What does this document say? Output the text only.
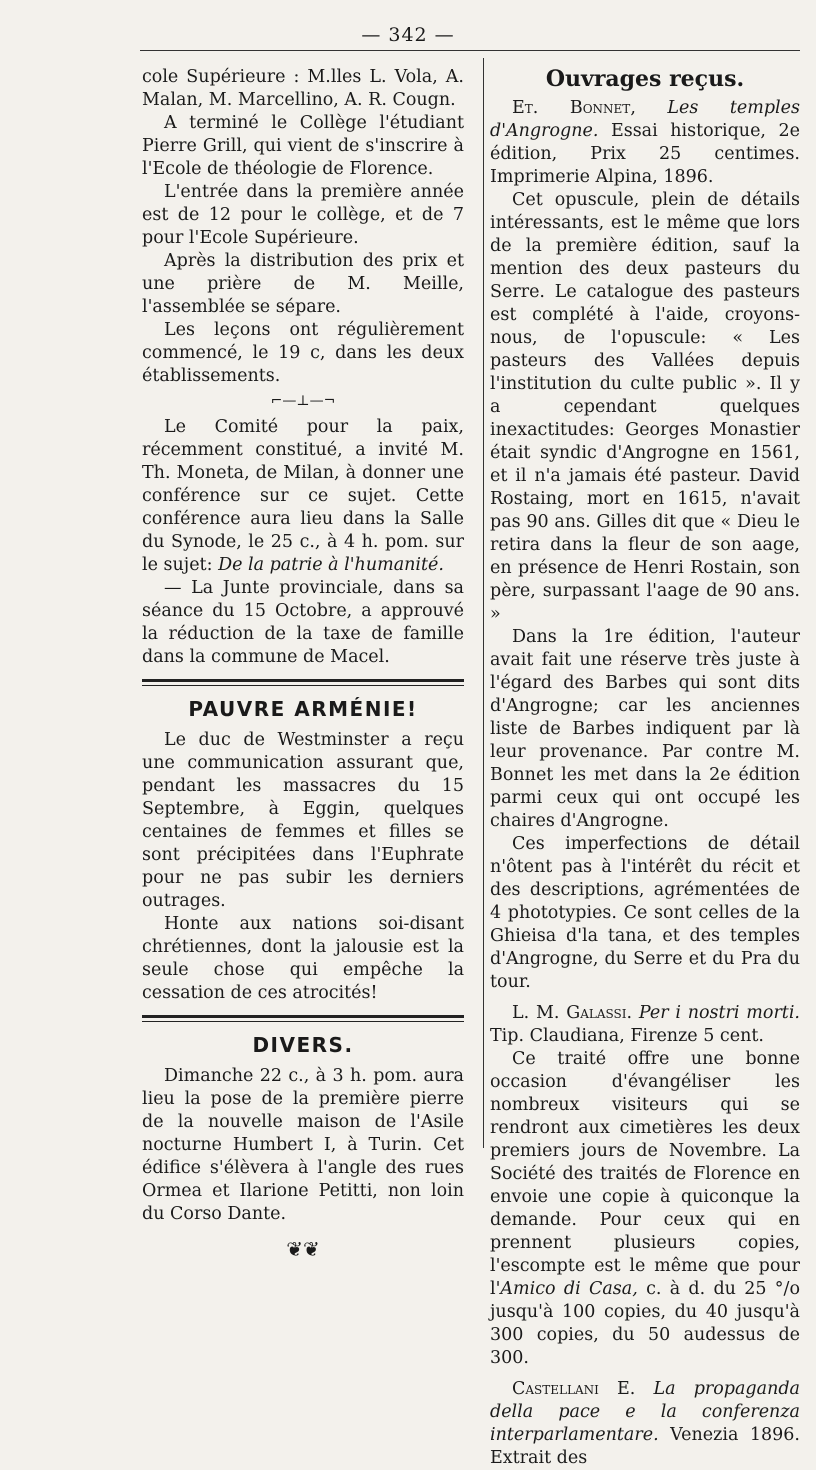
— 342 —

cole Supérieure : M.lles L. Vola, A. Malan, M. Marcellino, A. R. Cougn.

A terminé le Collège l'étudiant Pierre Grill, qui vient de s'inscrire à l'Ecole de théologie de Florence.

L'entrée dans la première année est de 12 pour le collège, et de 7 pour l'Ecole Supérieure.

Après la distribution des prix et une prière de M. Meille, l'assemblée se sépare.

Les leçons ont régulièrement commencé, le 19 c, dans les deux établissements.

⌐—⊥—¬

Le Comité pour la paix, récemment constitué, a invité M. Th. Moneta, de Milan, à donner une conférence sur ce sujet. Cette conférence aura lieu dans la Salle du Synode, le 25 c., à 4 h. pom. sur le sujet: De la patrie à l'humanité.

— La Junte provinciale, dans sa séance du 15 Octobre, a approuvé la réduction de la taxe de famille dans la commune de Macel.

PAUVRE ARMÉNIE!

Le duc de Westminster a reçu une communication assurant que, pendant les massacres du 15 Septembre, à Eggin, quelques centaines de femmes et filles se sont précipitées dans l'Euphrate pour ne pas subir les derniers outrages.

Honte aux nations soi-disant chrétiennes, dont la jalousie est la seule chose qui empêche la cessation de ces atrocités!

DIVERS.

Dimanche 22 c., à 3 h. pom. aura lieu la pose de la première pierre de la nouvelle maison de l'Asile nocturne Humbert I, à Turin. Cet édifice s'élèvera à l'angle des rues Ormea et Ilarione Petitti, non loin du Corso Dante.

❦❦
Ouvrages reçus.

Et. Bonnet, Les temples d'Angrogne. Essai historique, 2e édition, Prix 25 centimes. Imprimerie Alpina, 1896.

Cet opuscule, plein de détails intéressants, est le même que lors de la première édition, sauf la mention des deux pasteurs du Serre. Le catalogue des pasteurs est complété à l'aide, croyons-nous, de l'opuscule: « Les pasteurs des Vallées depuis l'institution du culte public ». Il y a cependant quelques inexactitudes: Georges Monastier était syndic d'Angrogne en 1561, et il n'a jamais été pasteur. David Rostaing, mort en 1615, n'avait pas 90 ans. Gilles dit que « Dieu le retira dans la fleur de son aage, en présence de Henri Rostain, son père, surpassant l'aage de 90 ans. »

Dans la 1re édition, l'auteur avait fait une réserve très juste à l'égard des Barbes qui sont dits d'Angrogne; car les anciennes liste de Barbes indiquent par là leur provenance. Par contre M. Bonnet les met dans la 2e édition parmi ceux qui ont occupé les chaires d'Angrogne.

Ces imperfections de détail n'ôtent pas à l'intérêt du récit et des descriptions, agrémentées de 4 phototypies. Ce sont celles de la Ghieisa d'la tana, et des temples d'Angrogne, du Serre et du Pra du tour.

L. M. Galassi. Per i nostri morti. Tip. Claudiana, Firenze 5 cent.

Ce traité offre une bonne occasion d'évangéliser les nombreux visiteurs qui se rendront aux cimetières les deux premiers jours de Novembre. La Société des traités de Florence en envoie une copie à quiconque la demande. Pour ceux qui en prennent plusieurs copies, l'escompte est le même que pour l'Amico di Casa, c. à d. du 25 °/o jusqu'à 100 copies, du 40 jusqu'à 300 copies, du 50 audessus de 300.

Castellani E. La propaganda della pace e la conferenza interparlamentare. Venezia 1896. Extrait des
